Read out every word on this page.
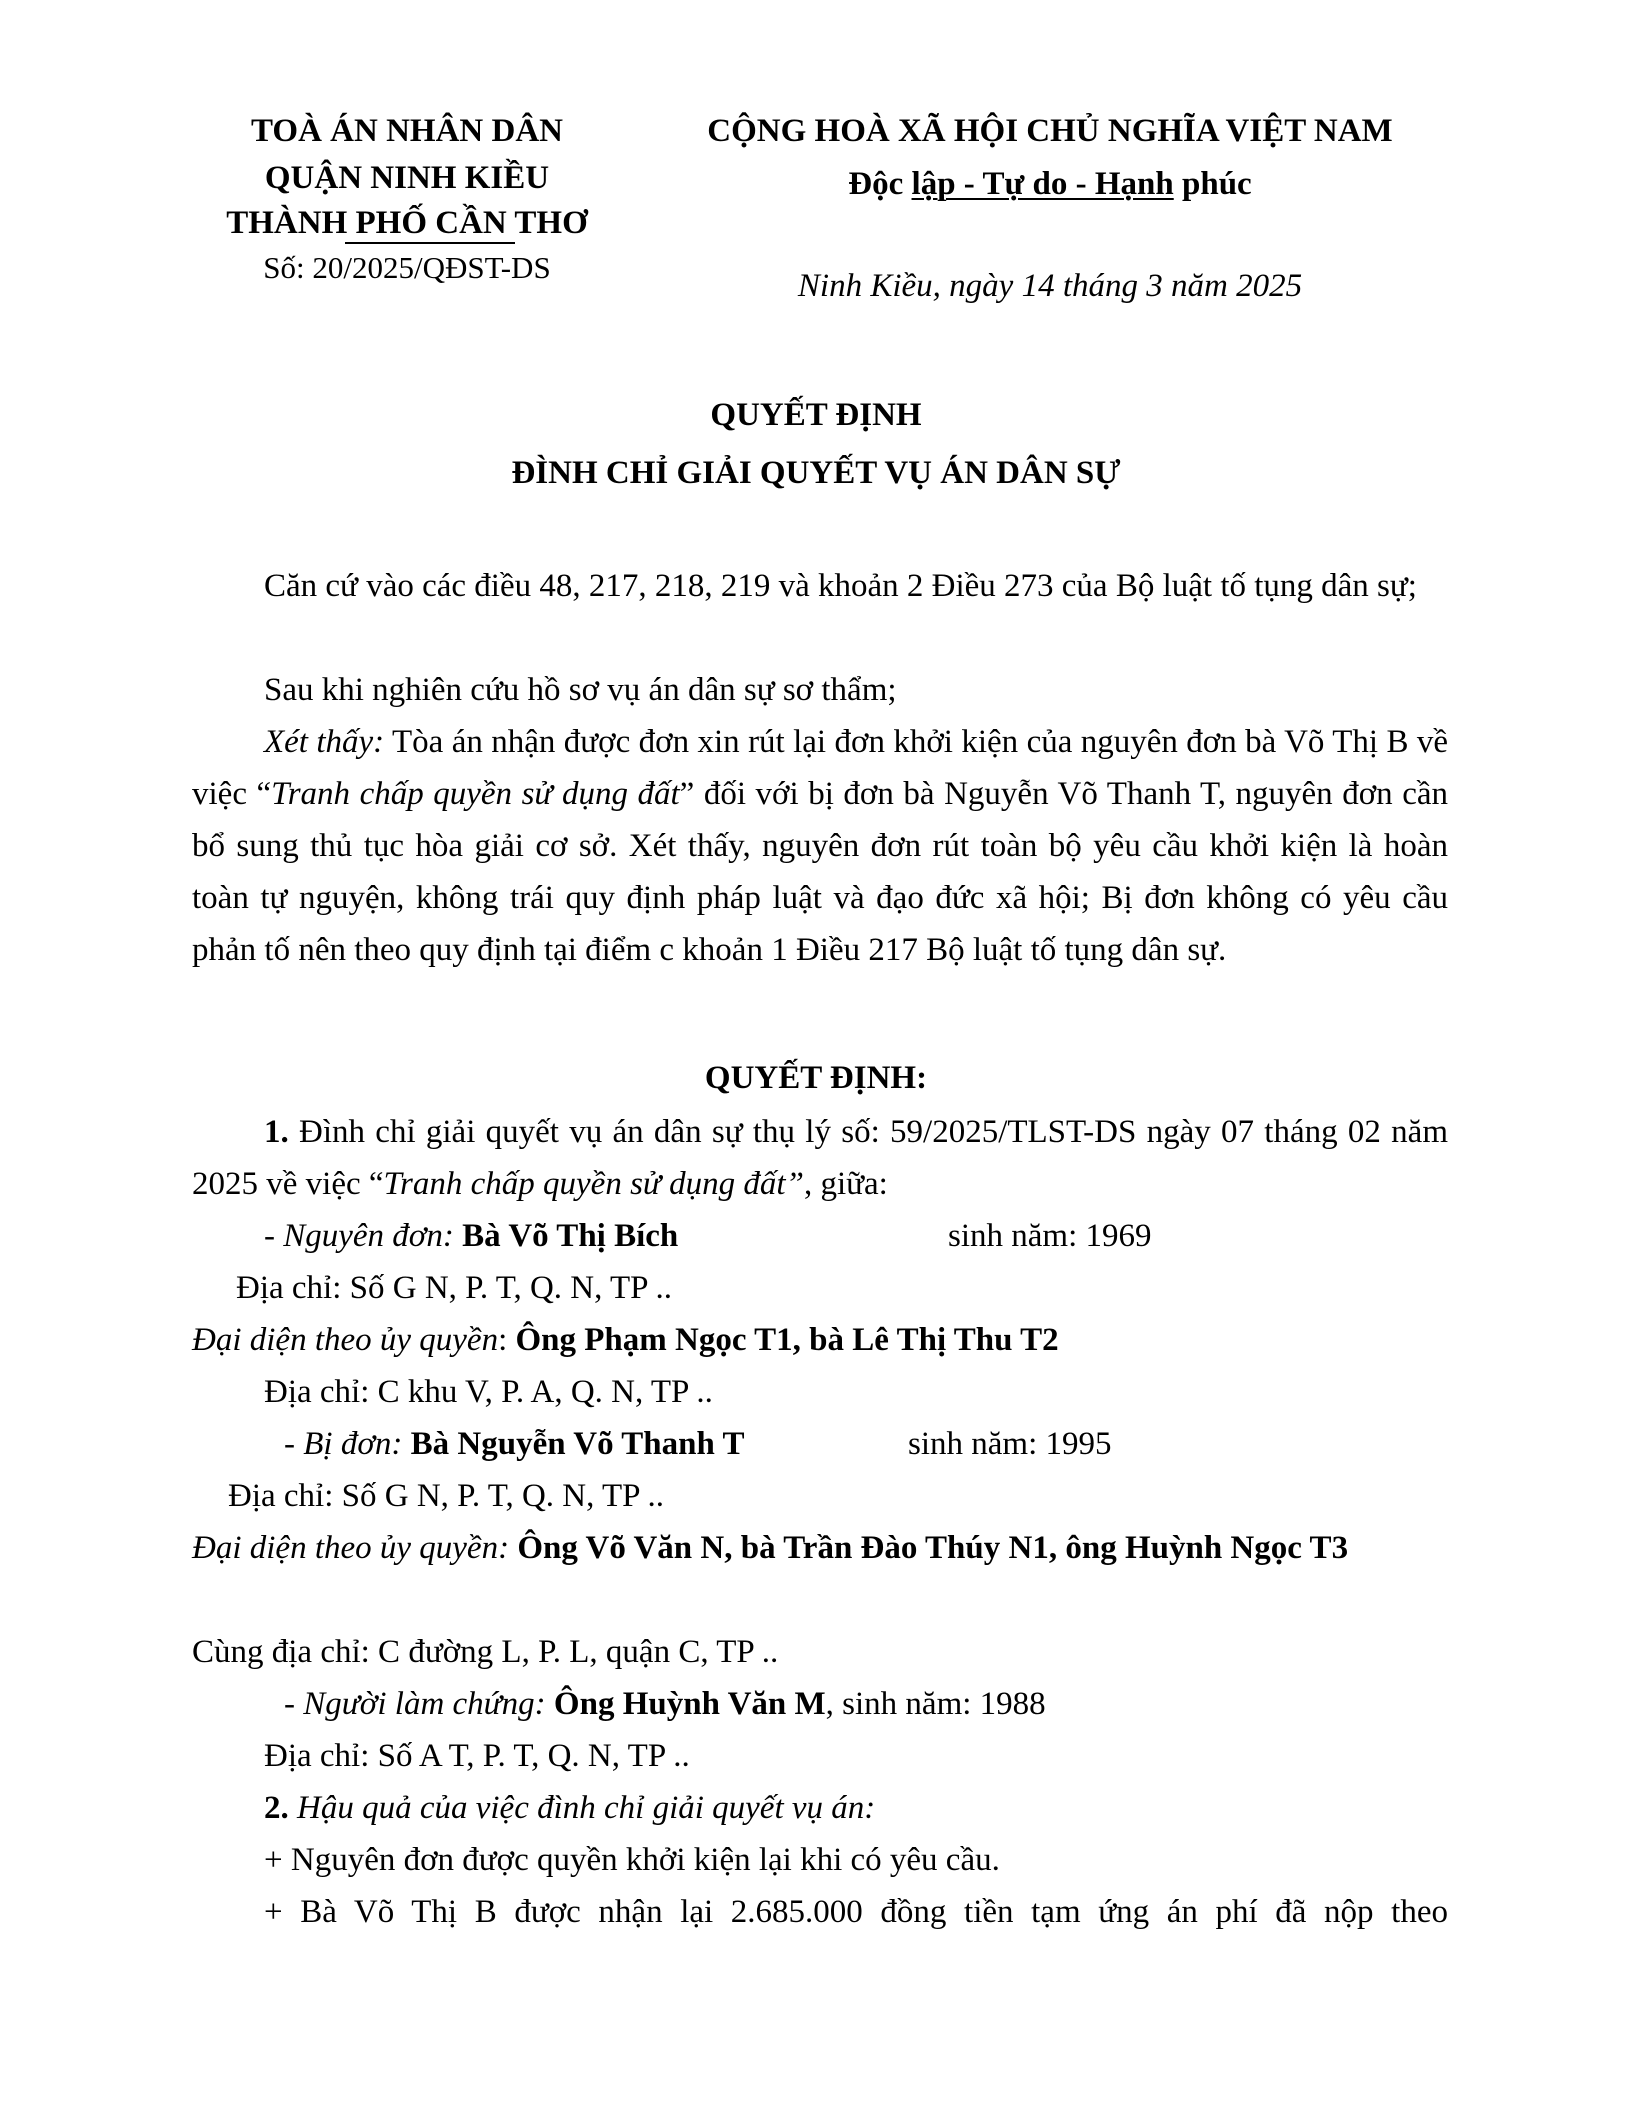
TOÀ ÁN NHÂN DÂN
QUẬN NINH KIỀU
THÀNH PHỐ CẦN THƠ
Số: 20/2025/QĐST-DS
CỘNG HOÀ XÃ HỘI CHỦ NGHĨA VIỆT NAM
Độc lập - Tự do - Hạnh phúc
Ninh Kiều, ngày 14 tháng 3 năm 2025
QUYẾT ĐỊNH
ĐÌNH CHỈ GIẢI QUYẾT VỤ ÁN DÂN SỰ
Căn cứ vào các điều 48, 217, 218, 219 và khoản 2 Điều 273 của Bộ luật tố tụng dân sự;
Sau khi nghiên cứu hồ sơ vụ án dân sự sơ thẩm;
Xét thấy: Tòa án nhận được đơn xin rút lại đơn khởi kiện của nguyên đơn bà Võ Thị B về việc “Tranh chấp quyền sử dụng đất” đối với bị đơn bà Nguyễn Võ Thanh T, nguyên đơn cần bổ sung thủ tục hòa giải cơ sở. Xét thấy, nguyên đơn rút toàn bộ yêu cầu khởi kiện là hoàn toàn tự nguyện, không trái quy định pháp luật và đạo đức xã hội; Bị đơn không có yêu cầu phản tố nên theo quy định tại điểm c khoản 1 Điều 217 Bộ luật tố tụng dân sự.
QUYẾT ĐỊNH:
1. Đình chỉ giải quyết vụ án dân sự thụ lý số: 59/2025/TLST-DS ngày 07 tháng 02 năm 2025 về việc “Tranh chấp quyền sử dụng đất”, giữa:
- Nguyên đơn: Bà Võ Thị Bích	sinh năm: 1969
Địa chỉ: Số G N, P. T, Q. N, TP ..
Đại diện theo ủy quyền: Ông Phạm Ngọc T1, bà Lê Thị Thu T2
Địa chỉ: C khu V, P. A, Q. N, TP ..
- Bị đơn: Bà Nguyễn Võ Thanh T	sinh năm: 1995
Địa chỉ: Số G N, P. T, Q. N, TP ..
Đại diện theo ủy quyền: Ông Võ Văn N, bà Trần Đào Thúy N1, ông Huỳnh Ngọc T3
Cùng địa chỉ: C đường L, P. L, quận C, TP ..
- Người làm chứng: Ông Huỳnh Văn M, sinh năm: 1988
Địa chỉ: Số A T, P. T, Q. N, TP ..
2. Hậu quả của việc đình chỉ giải quyết vụ án:
+ Nguyên đơn được quyền khởi kiện lại khi có yêu cầu.
+ Bà Võ Thị B được nhận lại 2.685.000 đồng tiền tạm ứng án phí đã nộp theo
